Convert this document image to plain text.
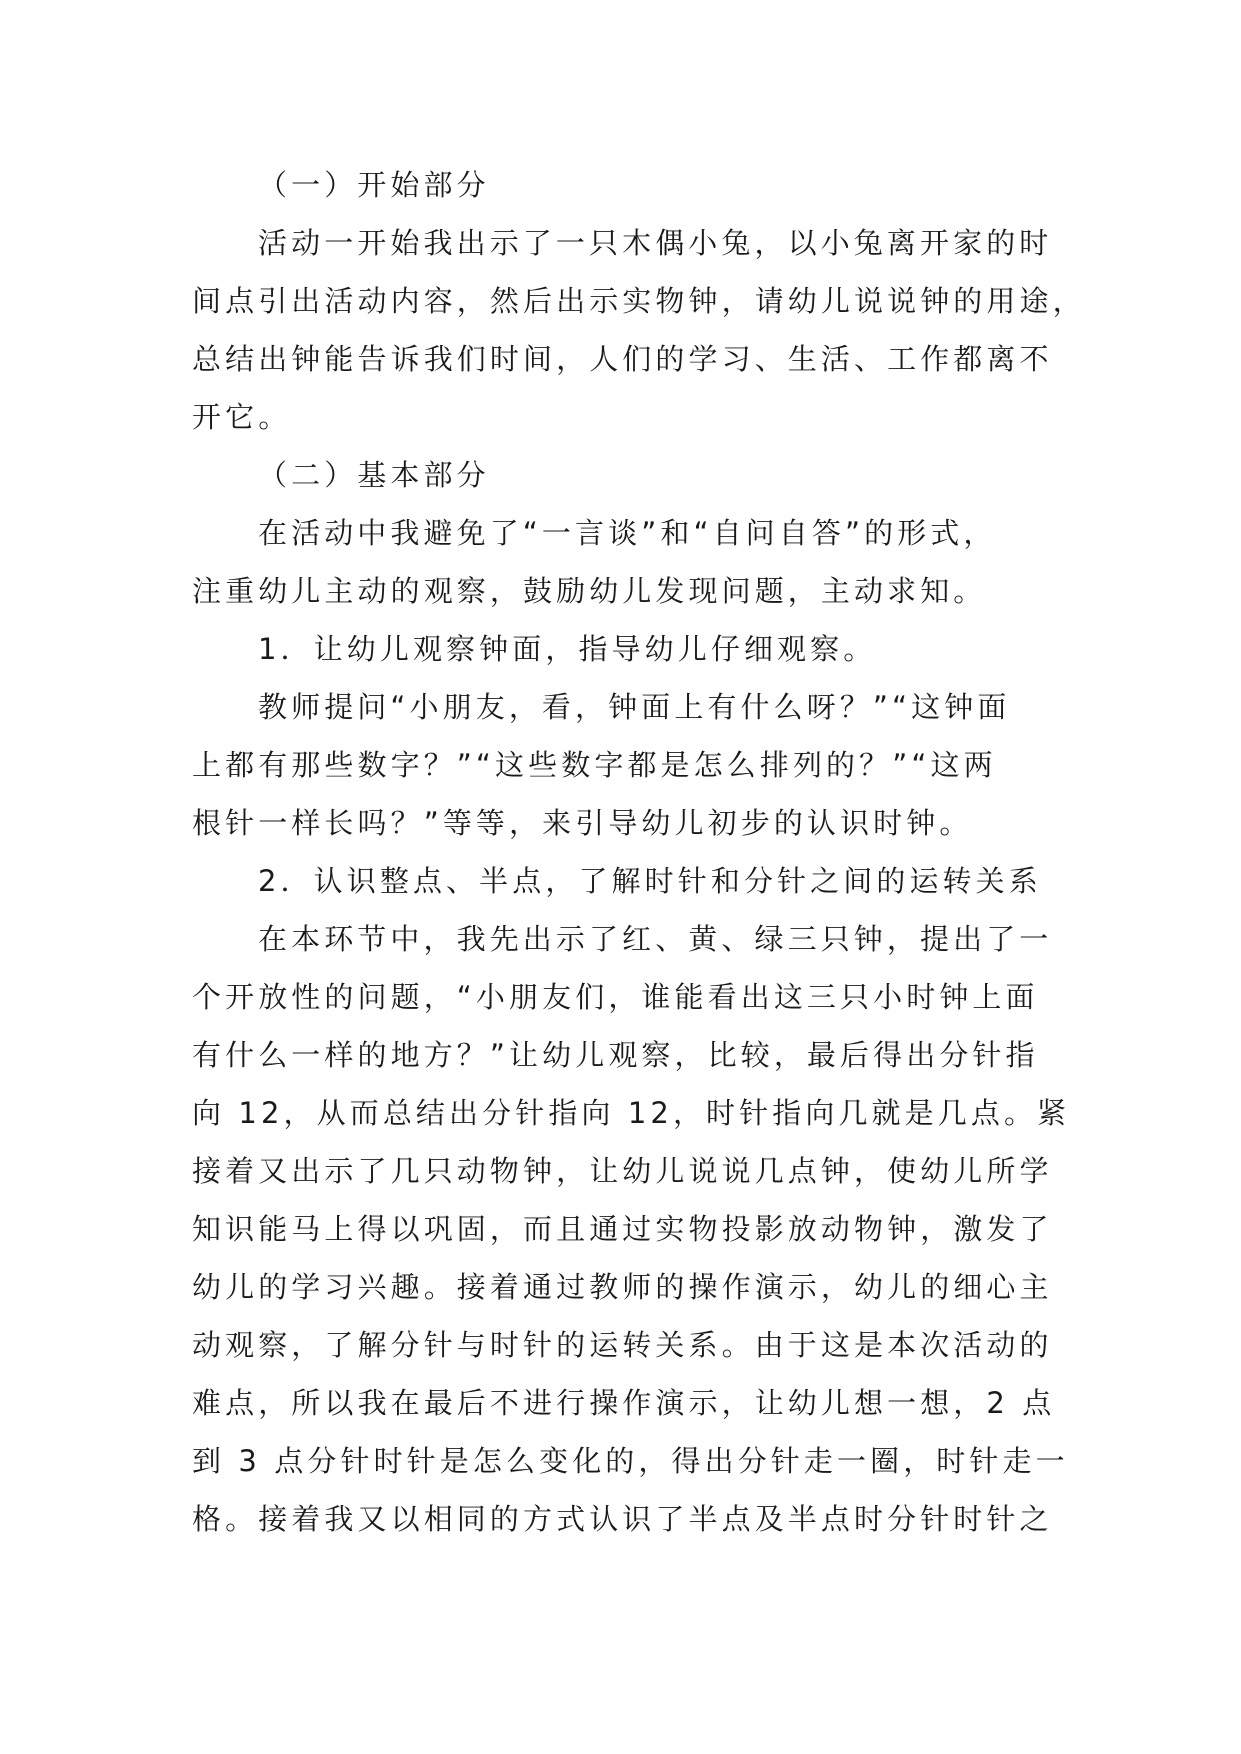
（一）开始部分
活动一开始我出示了一只木偶小兔，以小兔离开家的时
间点引出活动内容，然后出示实物钟，请幼儿说说钟的用途，
总结出钟能告诉我们时间，人们的学习、生活、工作都离不
开它。
（二）基本部分
在活动中我避免了“一言谈”和“自问自答”的形式，
注重幼儿主动的观察，鼓励幼儿发现问题，主动求知。
1．让幼儿观察钟面，指导幼儿仔细观察。
教师提问“小朋友，看，钟面上有什么呀？”“这钟面
上都有那些数字？”“这些数字都是怎么排列的？”“这两
根针一样长吗？”等等，来引导幼儿初步的认识时钟。
2．认识整点、半点，了解时针和分针之间的运转关系
在本环节中，我先出示了红、黄、绿三只钟，提出了一
个开放性的问题，“小朋友们，谁能看出这三只小时钟上面
有什么一样的地方？”让幼儿观察，比较，最后得出分针指
向 12，从而总结出分针指向 12，时针指向几就是几点。紧
接着又出示了几只动物钟，让幼儿说说几点钟，使幼儿所学
知识能马上得以巩固，而且通过实物投影放动物钟，激发了
幼儿的学习兴趣。接着通过教师的操作演示，幼儿的细心主
动观察，了解分针与时针的运转关系。由于这是本次活动的
难点，所以我在最后不进行操作演示，让幼儿想一想，2 点
到 3 点分针时针是怎么变化的，得出分针走一圈，时针走一
格。接着我又以相同的方式认识了半点及半点时分针时针之
